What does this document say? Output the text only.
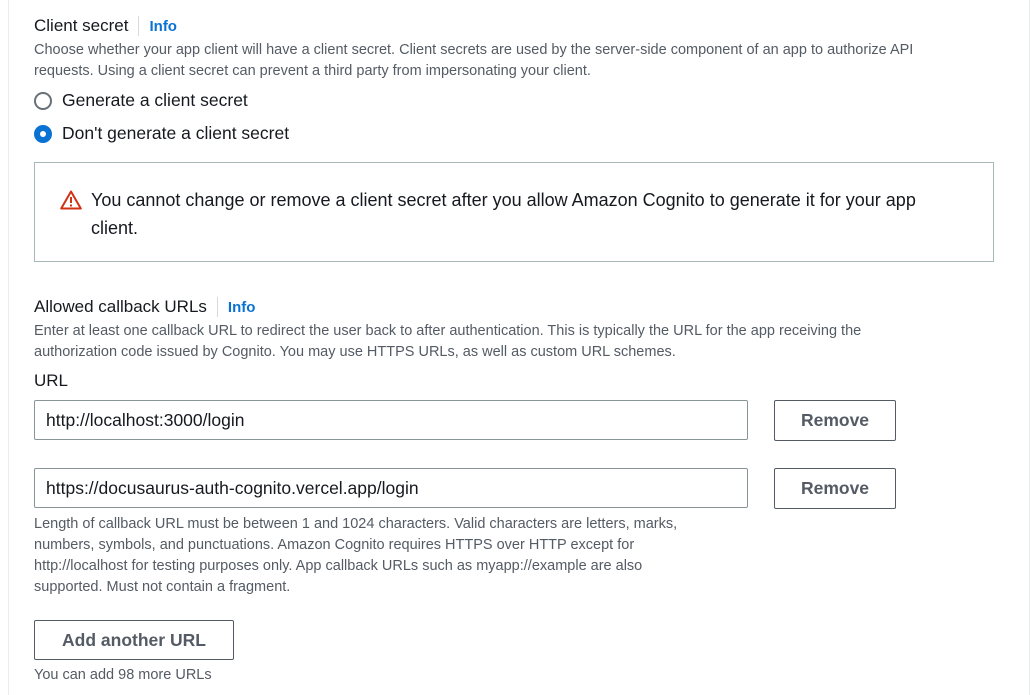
Client secret Info
Choose whether your app client will have a client secret. Client secrets are used by the server-side component of an app to authorize API
requests. Using a client secret can prevent a third party from impersonating your client.
Generate a client secret
Don't generate a client secret
You cannot change or remove a client secret after you allow Amazon Cognito to generate it for your app
client.
Allowed callback URLs Info
Enter at least one callback URL to redirect the user back to after authentication. This is typically the URL for the app receiving the
authorization code issued by Cognito. You may use HTTPS URLs, as well as custom URL schemes.
URL
http://localhost:3000/login
Remove
https://docusaurus-auth-cognito.vercel.app/login
Remove
Length of callback URL must be between 1 and 1024 characters. Valid characters are letters, marks,
numbers, symbols, and punctuations. Amazon Cognito requires HTTPS over HTTP except for
http://localhost for testing purposes only. App callback URLs such as myapp://example are also
supported. Must not contain a fragment.
Add another URL
You can add 98 more URLs
